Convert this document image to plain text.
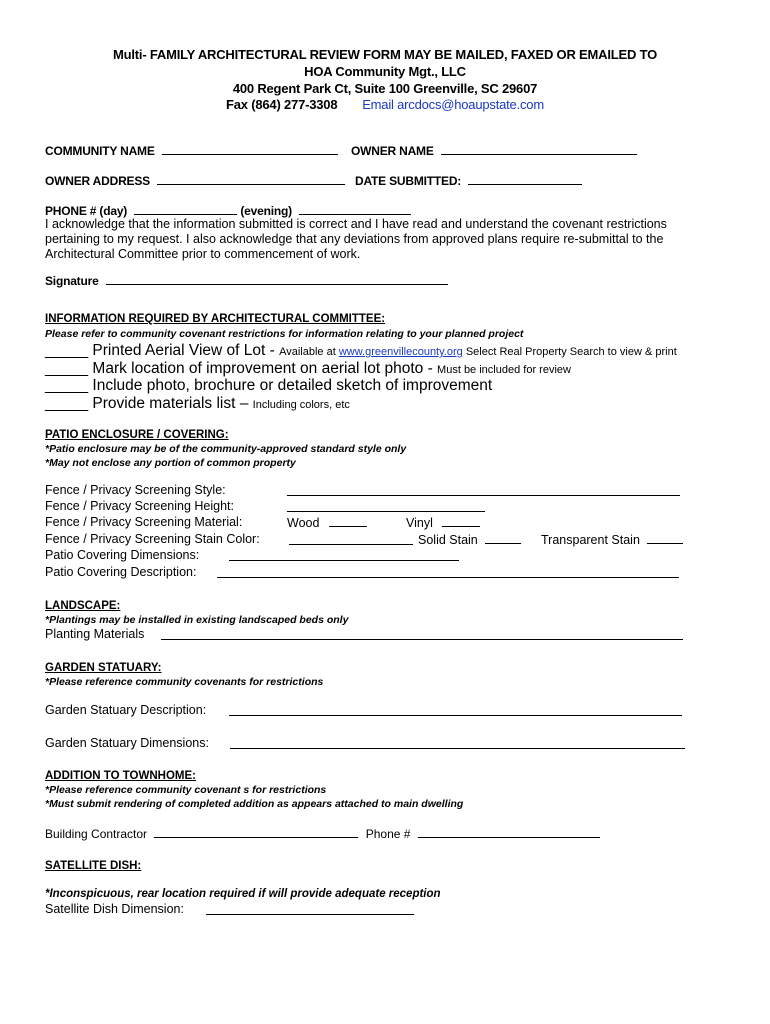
Multi- FAMILY ARCHITECTURAL REVIEW FORM MAY BE MAILED, FAXED OR EMAILED TO
HOA Community Mgt., LLC
400 Regent Park Ct, Suite 100 Greenville, SC 29607
Fax (864) 277-3308 Email arcdocs@hoaupstate.com
COMMUNITY NAME	OWNER NAME
OWNER ADDRESS	DATE SUBMITTED:
PHONE # (day)	(evening)
I acknowledge that the information submitted is correct and I have read and understand the covenant restrictions pertaining to my request. I also acknowledge that any deviations from approved plans require re-submittal to the Architectural Committee prior to commencement of work.
Signature
INFORMATION REQUIRED BY ARCHITECTURAL COMMITTEE:
Please refer to community covenant restrictions for information relating to your planned project
_____ Printed Aerial View of Lot - Available at www.greenvillecounty.org Select Real Property Search to view & print
_____ Mark location of improvement on aerial lot photo - Must be included for review
_____ Include photo, brochure or detailed sketch of improvement
_____ Provide materials list – Including colors, etc
PATIO ENCLOSURE / COVERING:
*Patio enclosure may be of the community-approved standard style only
*May not enclose any portion of common property
Fence / Privacy Screening Style:
Fence / Privacy Screening Height:
Fence / Privacy Screening Material:	Wood	Vinyl
Fence / Privacy Screening Stain Color:	Solid Stain	Transparent Stain
Patio Covering Dimensions:
Patio Covering Description:
LANDSCAPE:
*Plantings may be installed in existing landscaped beds only
Planting Materials
GARDEN STATUARY:
*Please reference community covenants for restrictions
Garden Statuary Description:
Garden Statuary Dimensions:
ADDITION TO TOWNHOME:
*Please reference community covenant s for restrictions
*Must submit rendering of completed addition as appears attached to main dwelling
Building Contractor	Phone #
SATELLITE DISH:
*Inconspicuous, rear location required if will provide adequate reception
Satellite Dish Dimension:
